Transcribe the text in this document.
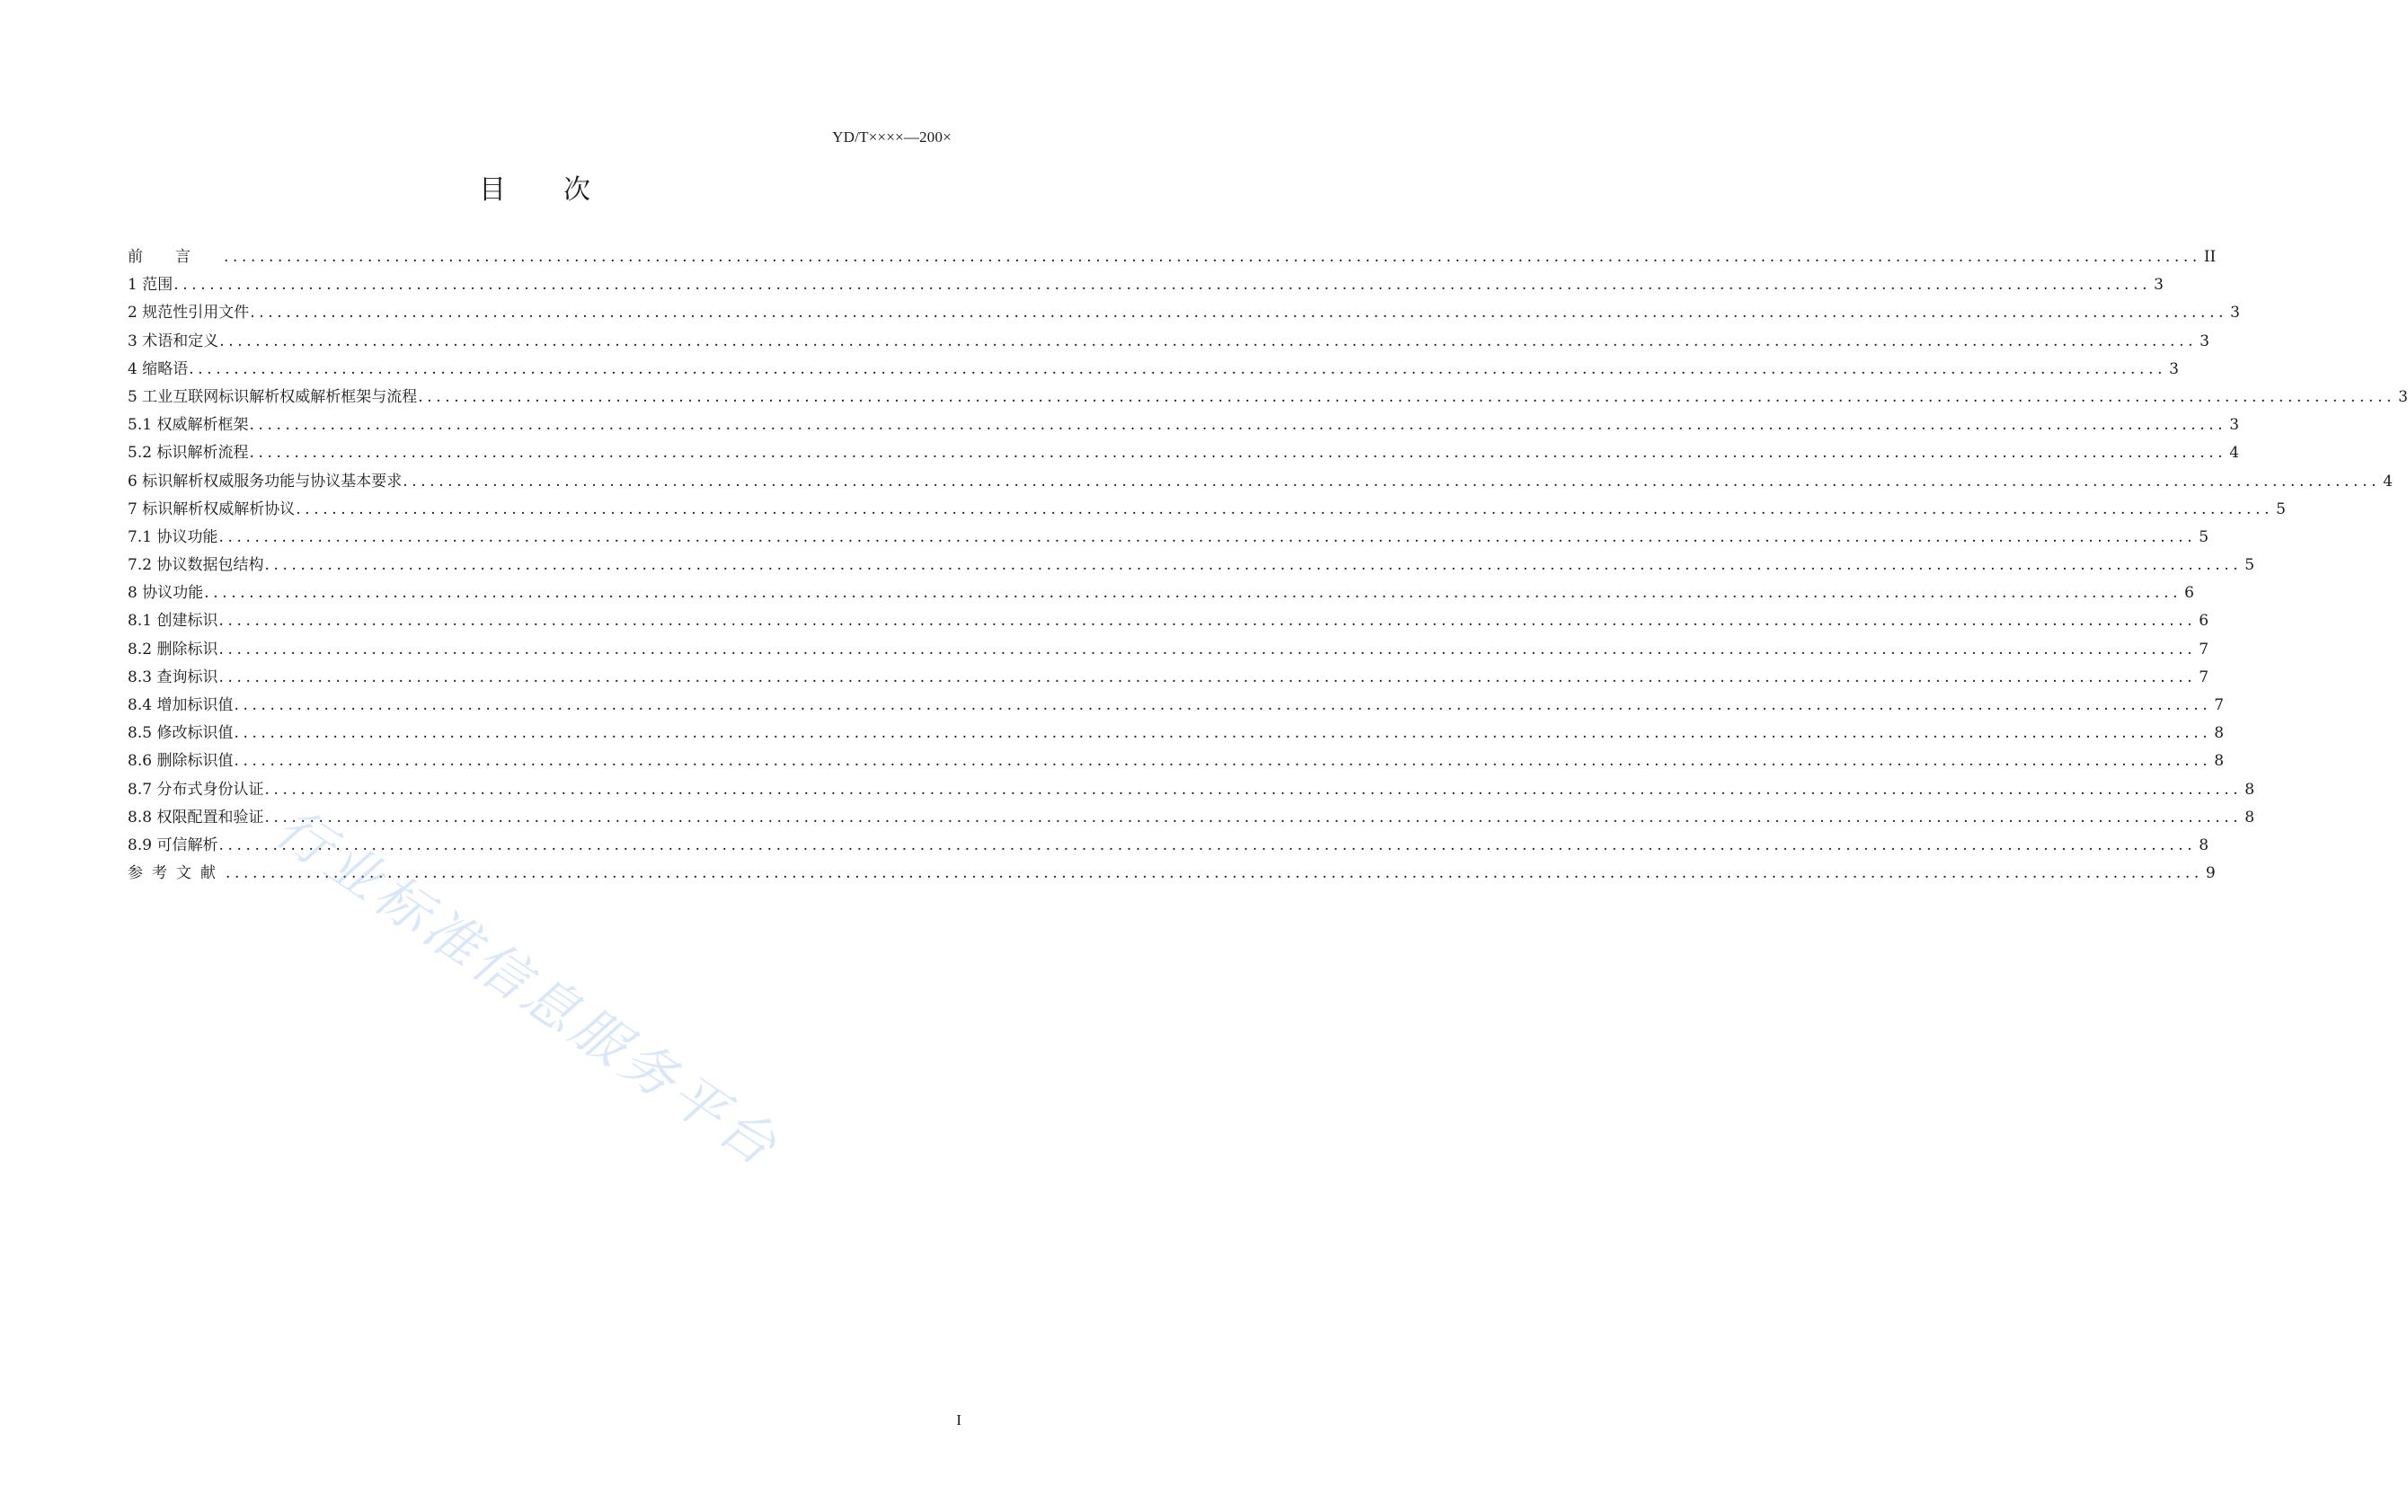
YD/T××××—200×
目次
前言 ............................................................................................................................................................................................................................ II
1 范围 ............................................................................................................................................................................................................................ 3
2 规范性引用文件 ............................................................................................................................................................................................................................ 3
3 术语和定义 ............................................................................................................................................................................................................................ 3
4 缩略语 ............................................................................................................................................................................................................................ 3
5 工业互联网标识解析权威解析框架与流程 ............................................................................................................................................................................................................................ 3
5.1 权威解析框架 ............................................................................................................................................................................................................................ 3
5.2 标识解析流程 ............................................................................................................................................................................................................................ 4
6 标识解析权威服务功能与协议基本要求 ............................................................................................................................................................................................................................ 4
7 标识解析权威解析协议 ............................................................................................................................................................................................................................ 5
7.1 协议功能 ............................................................................................................................................................................................................................ 5
7.2 协议数据包结构 ............................................................................................................................................................................................................................ 5
8 协议功能 ............................................................................................................................................................................................................................ 6
8.1 创建标识 ............................................................................................................................................................................................................................ 6
8.2 删除标识 ............................................................................................................................................................................................................................ 7
8.3 查询标识 ............................................................................................................................................................................................................................ 7
8.4 增加标识值 ............................................................................................................................................................................................................................ 7
8.5 修改标识值 ............................................................................................................................................................................................................................ 8
8.6 删除标识值 ............................................................................................................................................................................................................................ 8
8.7 分布式身份认证 ............................................................................................................................................................................................................................ 8
8.8 权限配置和验证 ............................................................................................................................................................................................................................ 8
8.9 可信解析 ............................................................................................................................................................................................................................ 8
参考文献 ............................................................................................................................................................................................................................ 9
I
行业标准信息服务平台
